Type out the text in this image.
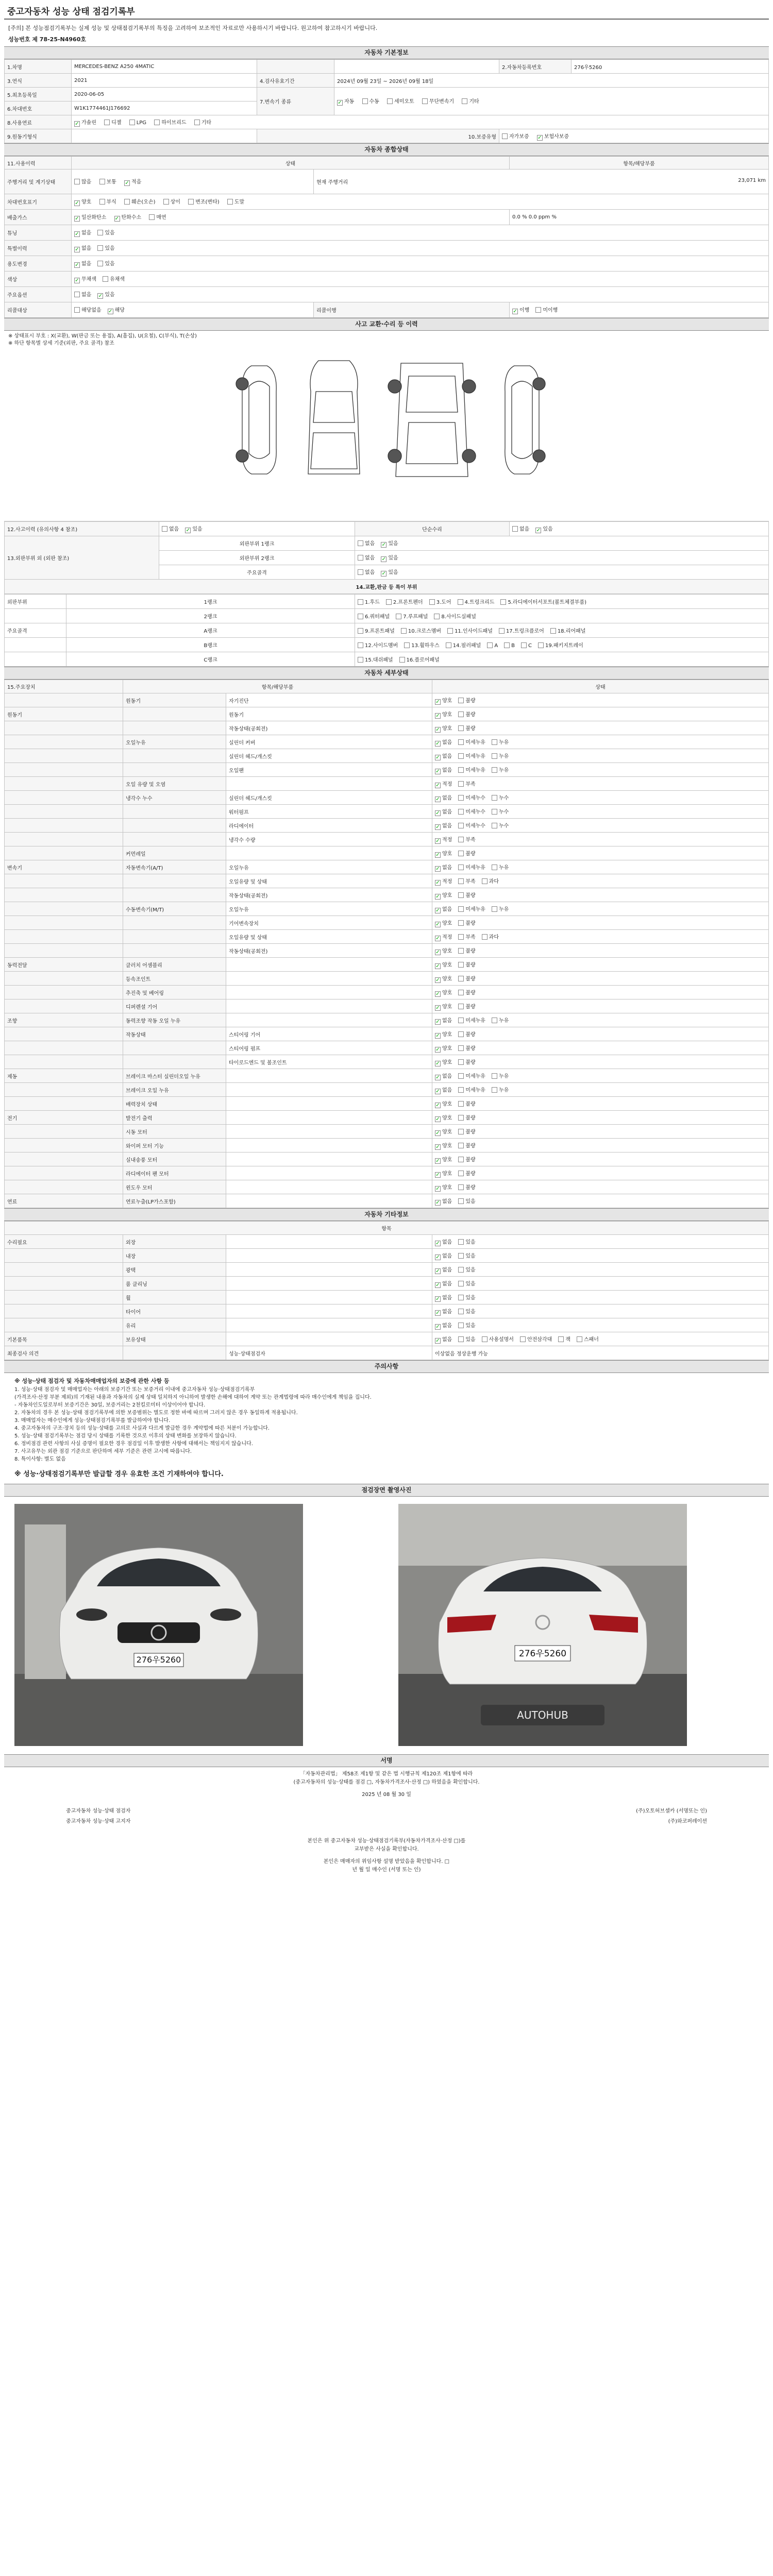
중고자동차 성능 상태 점검기록부
[주의] 본 성능점검기록부는 실제 성능 및 상태점검기록부의 특징을 고려하여 보조적인 자료로만 사용하시기 바랍니다. 원고하여 참고하시기 바랍니다.
성능번호 제 78-25-N4960호
자동차 기본정보
1.차명	MERCEDES-BENZ A250 4MATIC			2.자동차등록번호	276우5260
3.연식	2021	4.검사유효기간	2024년 09월 23일 ~ 2026년 09월 18일		
5.최초등록일	2020-06-05	7.변속기 종류	✓ 자동 수동 세미오토 무단변속기 기타		
6.차대번호	W1K1774461J176692				
8.사용연료	✓ 가솔린 디젤 LPG 하이브리드 기타				
9.원동기형식		10.보증유형		자가보증 ✓ 보험사보증	
자동차 종합상태
11.사용이력	상태		항목/해당부품
주행거리 및 계기상태	많음 보통 ✓ 적음	현재 주행거리 23,071 km	

차대번호표기	✓ 양호 부식 훼손(오손) 상이 변조(변타) 도말		
배출가스	✓ 일산화탄소 ✓ 탄화수소 매연		0.0 % 0.0 ppm %
튜닝	✓ 없음 있음		
특별이력	✓ 없음 있음		
용도변경	✓ 없음 있음		
색상	✓ 무채색 유채색		
주요옵션	없음 ✓ 있음		
리콜대상	해당없음 ✓ 해당	리콜이행	✓ 이행 미이행
사고 교환·수리 등 이력
※ 상태표시 부호 : X(교환), W(판금 또는 용접), A(흠집), U(요철), C(부식), T(손상)
※ 하단 항목별 상세 기준(외판, 주요 골격) 참조
12.사고이력 (유의사항 4 참조)	없음 ✓ 있음	단순수리	없음 ✓ 있음
13.외판부위 외 (외판 참조)	외판부위 1랭크	없음 ✓ 있음	
	외판부위 2랭크	없음 ✓ 있음	
	주요골격	없음 ✓ 있음	
14.교환,판금 등 특이 부위			
외판부위	1랭크	1.후드 2.프론트펜더 3.도어 4.트렁크리드 5.라디에이터서포트(볼트체결부품)
	2랭크	6.쿼터패널 7.루프패널 8.사이드실패널
주요골격	A랭크	9.프론트패널 10.크로스멤버 11.인사이드패널 17.트렁크플로어 18.리어패널
	B랭크	12.사이드멤버 13.휠하우스 14.필러패널 A B C 19.패키지트레이
	C랭크	15.대쉬패널 16.플로어패널
자동차 세부상태
15.주요장치	항목/해당부품		상태
	원동기	자기진단	✓ 양호 불량
원동기		원동기	✓ 양호 불량
		작동상태(공회전)	✓ 양호 불량
	오일누유	실린더 커버	✓ 없음 미세누유 누유
		실린더 헤드/개스킷	✓ 없음 미세누유 누유
		오일팬	✓ 없음 미세누유 누유
	오일 유량 및 오염		✓ 적정 부족
	냉각수 누수	실린더 헤드/개스킷	✓ 없음 미세누수 누수
		워터펌프	✓ 없음 미세누수 누수
		라디에이터	✓ 없음 미세누수 누수
		냉각수 수량	✓ 적정 부족
	커먼레일		✓ 양호 불량
변속기	자동변속기(A/T)	오일누유	✓ 없음 미세누유 누유
		오일유량 및 상태	✓ 적정 부족 과다
		작동상태(공회전)	✓ 양호 불량
	수동변속기(M/T)	오일누유	✓ 없음 미세누유 누유
		기어변속장치	✓ 양호 불량
		오일유량 및 상태	✓ 적정 부족 과다
		작동상태(공회전)	✓ 양호 불량
동력전달	클러치 어셈블리		✓ 양호 불량
	등속조인트		✓ 양호 불량
	추진축 및 베어링		✓ 양호 불량
	디퍼렌셜 기어		✓ 양호 불량
조향	동력조향 작동 오일 누유		✓ 없음 미세누유 누유
	작동상태	스티어링 기어	✓ 양호 불량
		스티어링 펌프	✓ 양호 불량
		타이로드엔드 및 볼조인트	✓ 양호 불량
제동	브레이크 마스터 실린더오일 누유		✓ 없음 미세누유 누유
	브레이크 오일 누유		✓ 없음 미세누유 누유
	배력장치 상태		✓ 양호 불량
전기	발전기 출력		✓ 양호 불량
	시동 모터		✓ 양호 불량
	와이퍼 모터 기능		✓ 양호 불량
	실내송풍 모터		✓ 양호 불량
	라디에이터 팬 모터		✓ 양호 불량
	윈도우 모터		✓ 양호 불량
연료	연료누출(LP가스포함)		✓ 없음 있음
자동차 기타정보
항목			
수리필요	외장		✓ 없음 있음
	내장		✓ 없음 있음
	광택		✓ 없음 있음
	룸 클리닝		✓ 없음 있음
	휠		✓ 없음 있음
	타이어		✓ 없음 있음
	유리		✓ 없음 있음
기본품목	보유상태		✓ 없음 있음 사용설명서 안전삼각대 잭 스패너
최종검사 의견		성능·상태점검자	이상없음 정상운행 가능
주의사항
※ 성능·상태 점검자 및 자동차매매업자의 보증에 관한 사항 등
1. 성능·상태 점검자 및 매매업자는 아래의 보증기간 또는 보증거리 이내에 중고자동차 성능·상태점검기록부
(가격조사·산정 부분 제외)의 기재된 내용과 자동차의 실제 상태 일치하지 아니하여 발생한 손해에 대하여 계약 또는 관계법령에 따라 매수인에게 책임을 집니다.
- 자동차인도일로부터 보증기간은 30일, 보증거리는 2천킬로미터 이상이어야 합니다.
2. 자동차의 경우 본 성능·상태 점검기록부에 의한 보증범위는 별도로 정한 바에 따르며 그러지 않은 경우 동일하게 적용됩니다.
3. 매매업자는 매수인에게 성능·상태점검기록부를 발급하여야 합니다.
4. 중고자동차의 구조·장치 등의 성능·상태를 고의로 사실과 다르게 발급한 경우 계약법에 따른 처분이 가능합니다.
5. 성능·상태 점검기록부는 점검 당시 상태를 기록한 것으로 이후의 상태 변화를 보장하지 않습니다.
6. 정비점검 관련 사항의 사실 증명이 필요한 경우 점검일 이후 발생한 사항에 대해서는 책임지지 않습니다.
7. 사고유무는 외관 점검 기준으로 판단하며 세부 기준은 관련 고시에 따릅니다.
8. 특이사항: 별도 없음
※ 성능·상태점검기록부만 발급할 경우 유효한 조건 기재하여야 합니다.
점검장면 촬영사진
276우5260
276우5260
AUTOHUB
서명
「자동차관리법」 제58조 제1항 및 같은 법 시행규칙 제120조 제1항에 따라
(중고자동차의 성능·상태를 점검 □, 자동차가격조사·산정 □) 하였음을 확인합니다.
2025 년 08 월 30 일
중고자동차 성능·상태 점검자	(주)오토허브셀카 (서명또는 인)
중고자동차 성능·상태 고지자	(주)와코퍼레이션
본인은 위 중고자동차 성능·상태점검기록부(자동차가격조사·산정 □)를
교부받은 사실을 확인합니다.
본인은 매매자의 위임사항 설명 받았음을 확인합니다. □
년 월 일 매수인 (서명 또는 인)
